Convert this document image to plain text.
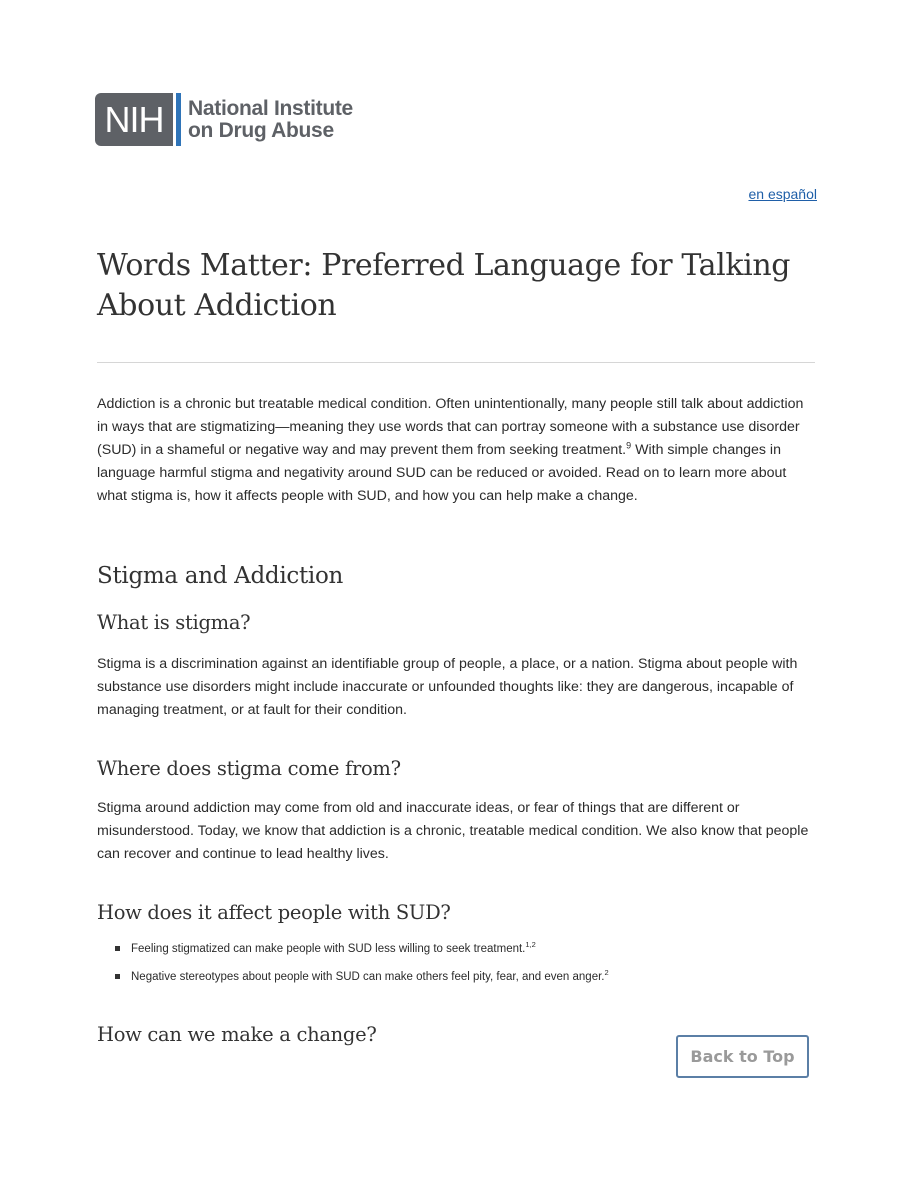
NIH	National Institute
on Drug Abuse
en español
Words Matter: Preferred Language for Talking About Addiction

Addiction is a chronic but treatable medical condition. Often unintentionally, many people still talk about addiction in ways that are stigmatizing—meaning they use words that can portray someone with a substance use disorder (SUD) in a shameful or negative way and may prevent them from seeking treatment.$^9$ With simple changes in language harmful stigma and negativity around SUD can be reduced or avoided. Read on to learn more about what stigma is, how it affects people with SUD, and how you can help make a change.

Stigma and Addiction
What is stigma?

Stigma is a discrimination against an identifiable group of people, a place, or a nation. Stigma about people with substance use disorders might include inaccurate or unfounded thoughts like: they are dangerous, incapable of managing treatment, or at fault for their condition.

Where does stigma come from?

Stigma around addiction may come from old and inaccurate ideas, or fear of things that are different or misunderstood. Today, we know that addiction is a chronic, treatable medical condition. We also know that people can recover and continue to lead healthy lives.

How does it affect people with SUD?
Feeling stigmatized can make people with SUD less willing to seek treatment.$^{1,2}$
Negative stereotypes about people with SUD can make others feel pity, fear, and even anger.$^2$
How can we make a change?
Back to Top
